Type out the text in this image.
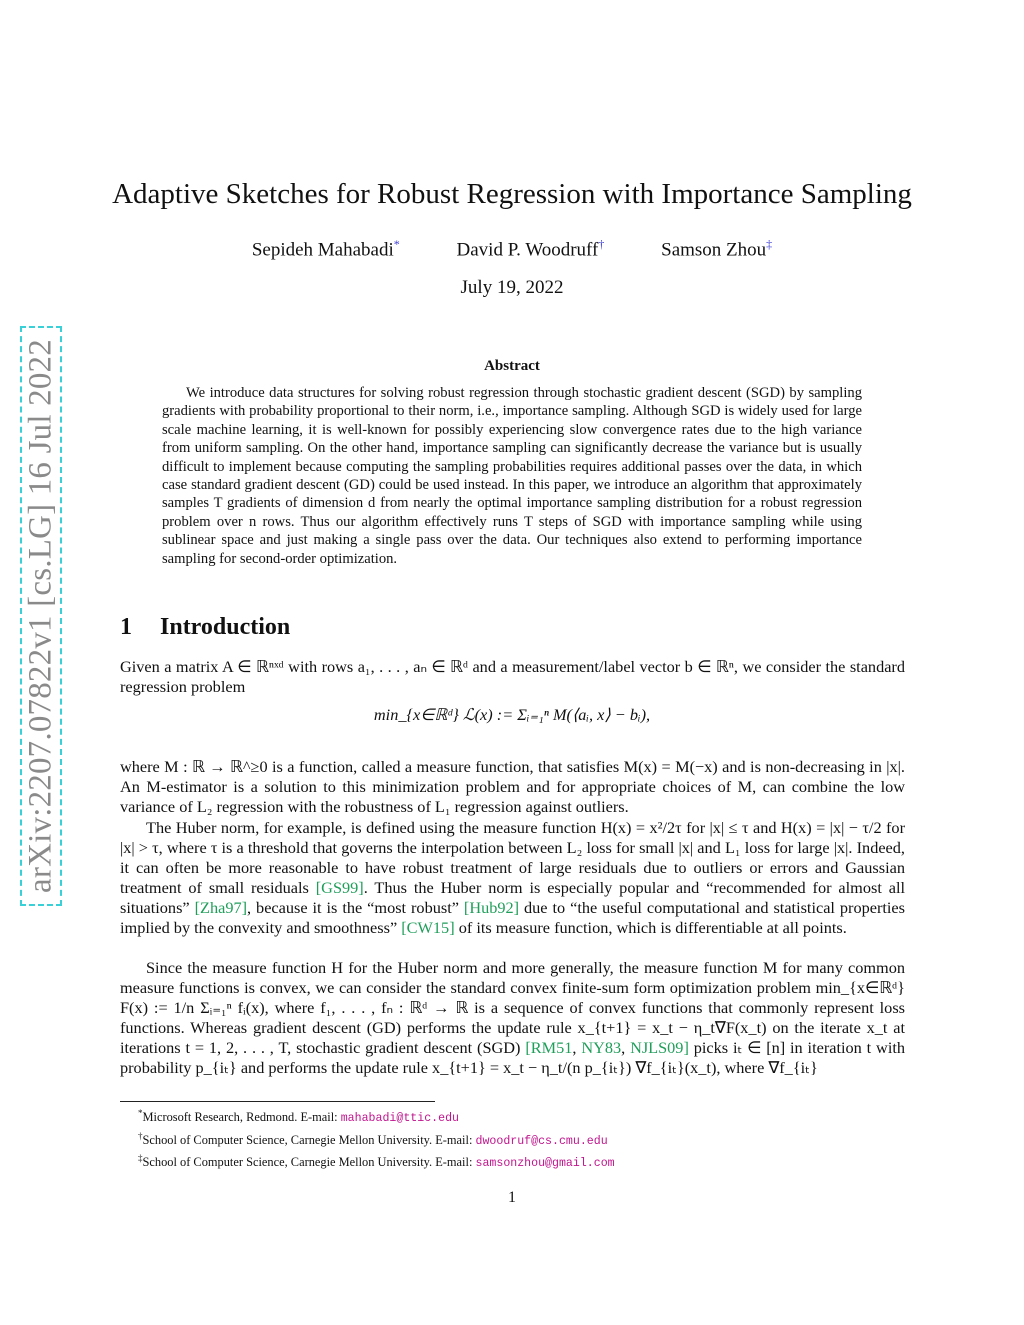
arXiv:2207.07822v1 [cs.LG] 16 Jul 2022
Adaptive Sketches for Robust Regression with Importance Sampling
Sepideh Mahabadi*	David P. Woodruff†	Samson Zhou‡
July 19, 2022
Abstract
We introduce data structures for solving robust regression through stochastic gradient descent (SGD) by sampling gradients with probability proportional to their norm, i.e., importance sampling. Although SGD is widely used for large scale machine learning, it is well-known for possibly experiencing slow convergence rates due to the high variance from uniform sampling. On the other hand, importance sampling can significantly decrease the variance but is usually difficult to implement because computing the sampling probabilities requires additional passes over the data, in which case standard gradient descent (GD) could be used instead. In this paper, we introduce an algorithm that approximately samples T gradients of dimension d from nearly the optimal importance sampling distribution for a robust regression problem over n rows. Thus our algorithm effectively runs T steps of SGD with importance sampling while using sublinear space and just making a single pass over the data. Our techniques also extend to performing importance sampling for second-order optimization.
1 Introduction
Given a matrix A ∈ ℝⁿˣᵈ with rows a₁, . . . , aₙ ∈ ℝᵈ and a measurement/label vector b ∈ ℝⁿ, we consider the standard regression problem
min_{x∈ℝᵈ} ℒ(x) := Σᵢ₌₁ⁿ M(⟨aᵢ, x⟩ − bᵢ),
where M : ℝ → ℝ^≥0 is a function, called a measure function, that satisfies M(x) = M(−x) and is non-decreasing in |x|. An M-estimator is a solution to this minimization problem and for appropriate choices of M, can combine the low variance of L₂ regression with the robustness of L₁ regression against outliers.
The Huber norm, for example, is defined using the measure function H(x) = x²/2τ for |x| ≤ τ and H(x) = |x| − τ/2 for |x| > τ, where τ is a threshold that governs the interpolation between L₂ loss for small |x| and L₁ loss for large |x|. Indeed, it can often be more reasonable to have robust treatment of large residuals due to outliers or errors and Gaussian treatment of small residuals [GS99]. Thus the Huber norm is especially popular and “recommended for almost all situations” [Zha97], because it is the “most robust” [Hub92] due to “the useful computational and statistical properties implied by the convexity and smoothness” [CW15] of its measure function, which is differentiable at all points.
Since the measure function H for the Huber norm and more generally, the measure function M for many common measure functions is convex, we can consider the standard convex finite-sum form optimization problem min_{x∈ℝᵈ} F(x) := 1/n Σᵢ₌₁ⁿ fᵢ(x), where f₁, . . . , fₙ : ℝᵈ → ℝ is a sequence of convex functions that commonly represent loss functions. Whereas gradient descent (GD) performs the update rule x_{t+1} = x_t − η_t∇F(x_t) on the iterate x_t at iterations t = 1, 2, . . . , T, stochastic gradient descent (SGD) [RM51, NY83, NJLS09] picks iₜ ∈ [n] in iteration t with probability p_{iₜ} and performs the update rule x_{t+1} = x_t − η_t/(n p_{iₜ}) ∇f_{iₜ}(x_t), where ∇f_{iₜ}
*Microsoft Research, Redmond. E-mail: mahabadi@ttic.edu
†School of Computer Science, Carnegie Mellon University. E-mail: dwoodruf@cs.cmu.edu
‡School of Computer Science, Carnegie Mellon University. E-mail: samsonzhou@gmail.com
1
